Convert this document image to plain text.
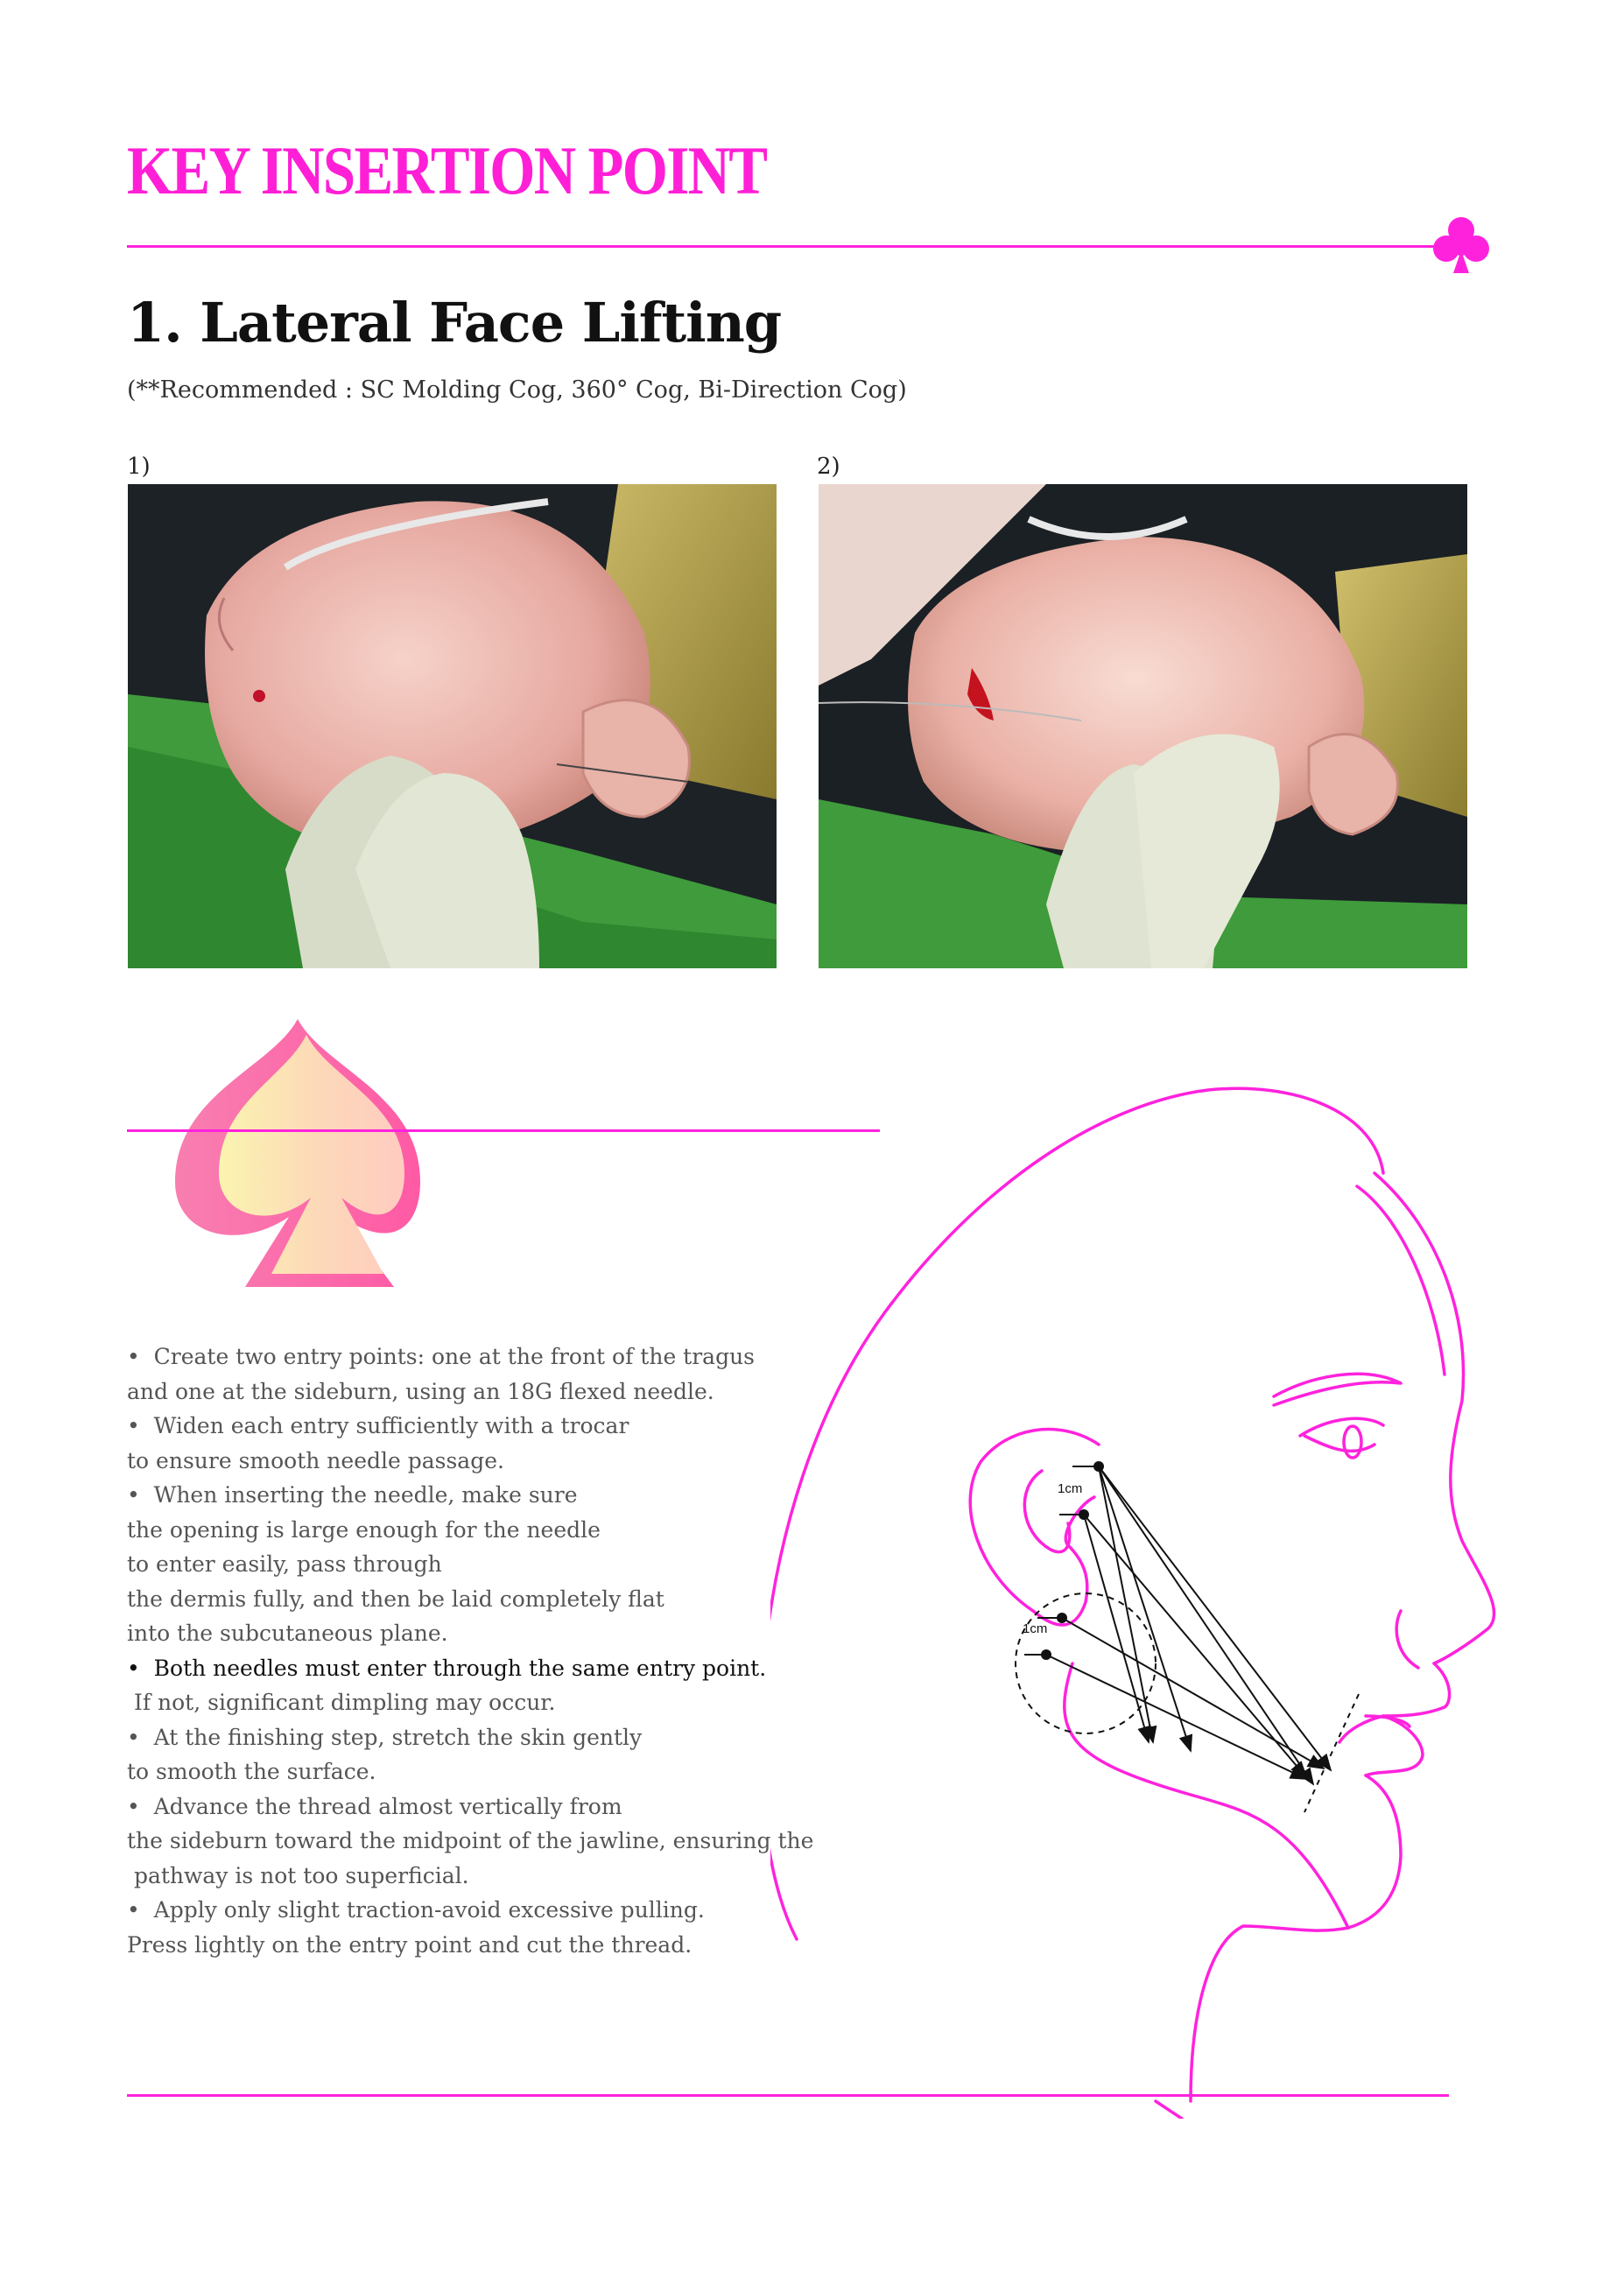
KEY INSERTION POINT
1. Lateral Face Lifting
(**Recommended : SC Molding Cog, 360° Cog, Bi-Direction Cog)
1)	2)

•  Create two entry points: one at the front of the tragus

and one at the sideburn, using an 18G flexed needle.

•  Widen each entry sufficiently with a trocar

to ensure smooth needle passage.

•  When inserting the needle, make sure

the opening is large enough for the needle

to enter easily, pass through

the dermis fully, and then be laid completely flat

into the subcutaneous plane.

•  Both needles must enter through the same entry point.

If not, significant dimpling may occur.

•  At the finishing step, stretch the skin gently

to smooth the surface.

•  Advance the thread almost vertically from

the sideburn toward the midpoint of the jawline, ensuring the

pathway is not too superficial.

•  Apply only slight traction-avoid excessive pulling.

Press lightly on the entry point and cut the thread.

1cm
1cm
